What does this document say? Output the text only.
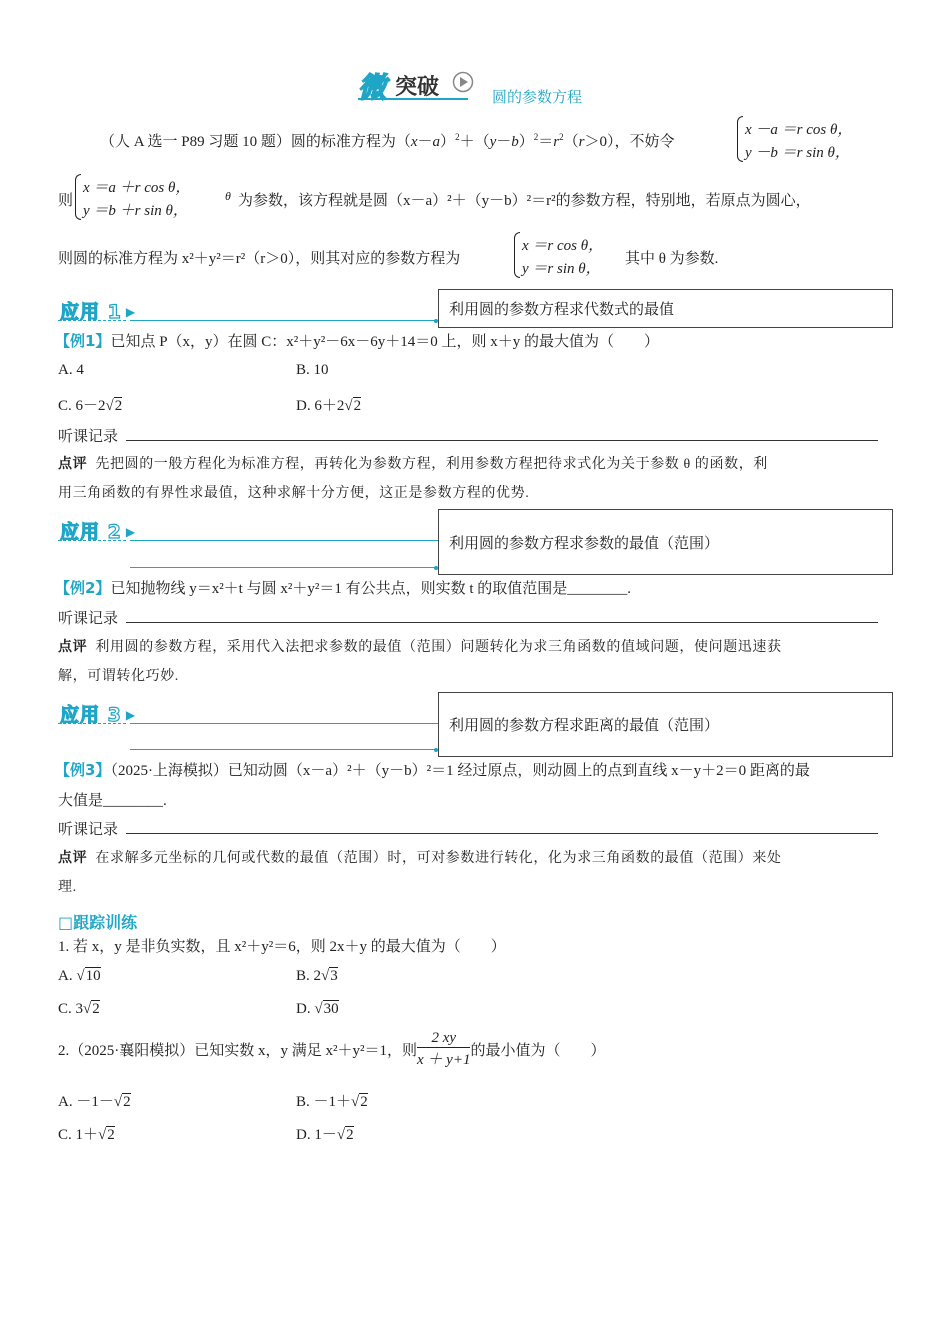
微 突破	圆的参数方程
（人 A 选一 P89 习题 10 题）圆的标准方程为$(x-a)^2+(y-b)^2=r^2(r>0)$，不妨令
x －a ＝r cos θ，
y －b ＝r sin θ，
则
x ＝a ＋r cos θ，
y ＝b ＋r sin θ，
θ 为参数，该方程就是圆（x－a）²＋（y－b）²＝r²的参数方程，特别地，若原点为圆心，
则圆的标准方程为 x²＋y²＝r²（r＞0），则其对应的参数方程为
x ＝r cos θ，
y ＝r sin θ，
其中 θ 为参数.
应用 1 ▶	利用圆的参数方程求代数式的最值
【例1】已知点 P（x，y）在圆 C：x²＋y²－6x－6y＋14＝0 上，则 x＋y 的最大值为（　　）
A. 4	B. 10
C. 6－2√2	D. 6＋2√2
听课记录
点评 先把圆的一般方程化为标准方程，再转化为参数方程，利用参数方程把待求式化为关于参数 θ 的函数，利
用三角函数的有界性求最值，这种求解十分方便，这正是参数方程的优势.
应用 2 ▶
利用圆的参数方程求参数的最值（范围）
【例2】已知抛物线 y＝x²＋t 与圆 x²＋y²＝1 有公共点，则实数 t 的取值范围是________.
听课记录
点评 利用圆的参数方程，采用代入法把求参数的最值（范围）问题转化为求三角函数的值域问题，使问题迅速获
解，可谓转化巧妙.
应用 3 ▶
利用圆的参数方程求距离的最值（范围）
【例3】（2025·上海模拟）已知动圆（x－a）²＋（y－b）²＝1 经过原点，则动圆上的点到直线 x－y＋2＝0 距离的最
大值是________.
听课记录
点评 在求解多元坐标的几何或代数的最值（范围）时，可对参数进行转化，化为求三角函数的最值（范围）来处
理.
□跟踪训练
1. 若 x，y 是非负实数，且 x²＋y²＝6，则 2x＋y 的最大值为（　　）
A. √10	B. 2√3
C. 3√2	D. √30
2.（2025·襄阳模拟）已知实数 x，y 满足 x²＋y²＝1，则 $\frac{2 xy}{x + y+1}$ 的最小值为（　　）
A. －1－√2	B. －1＋√2
C. 1＋√2	D. 1－√2
